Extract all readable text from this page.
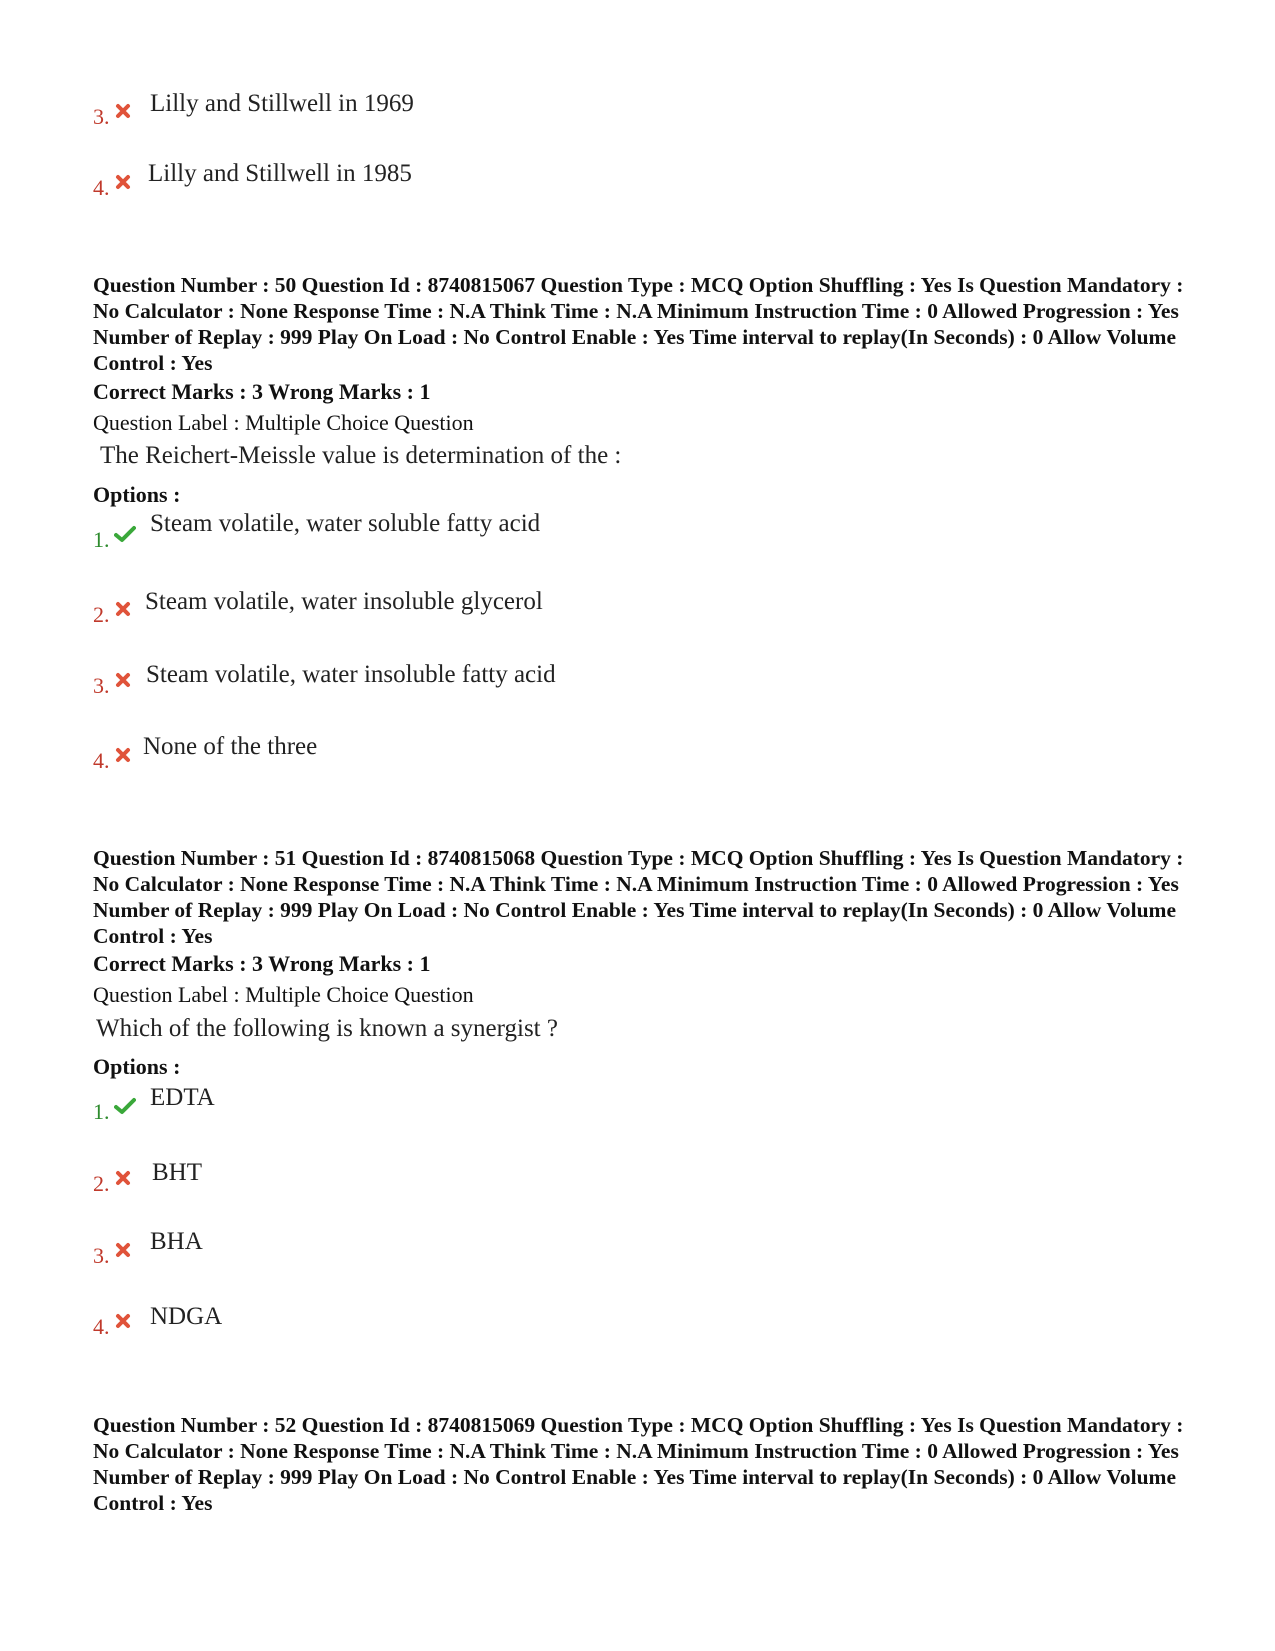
3. Lilly and Stillwell in 1969
4.
Lilly and Stillwell in 1985
Question Number : 50 Question Id : 8740815067 Question Type : MCQ Option Shuffling : Yes Is Question Mandatory : No Calculator : None Response Time : N.A Think Time : N.A Minimum Instruction Time : 0 Allowed Progression : Yes Number of Replay : 999 Play On Load : No Control Enable : Yes Time interval to replay(In Seconds) : 0 Allow Volume Control : Yes
Correct Marks : 3 Wrong Marks : 1
Question Label : Multiple Choice Question
The Reichert-Meissle value is determination of the :
Options :
1.
Steam volatile, water soluble fatty acid
2. Steam volatile, water insoluble glycerol
3. Steam volatile, water insoluble fatty acid
4.
None of the three
Question Number : 51 Question Id : 8740815068 Question Type : MCQ Option Shuffling : Yes Is Question Mandatory : No Calculator : None Response Time : N.A Think Time : N.A Minimum Instruction Time : 0 Allowed Progression : Yes Number of Replay : 999 Play On Load : No Control Enable : Yes Time interval to replay(In Seconds) : 0 Allow Volume Control : Yes
Correct Marks : 3 Wrong Marks : 1
Question Label : Multiple Choice Question
Which of the following is known a synergist ?
Options :
1.
EDTA
2. BHT
3.
BHA
4. NDGA
Question Number : 52 Question Id : 8740815069 Question Type : MCQ Option Shuffling : Yes Is Question Mandatory : No Calculator : None Response Time : N.A Think Time : N.A Minimum Instruction Time : 0 Allowed Progression : Yes Number of Replay : 999 Play On Load : No Control Enable : Yes Time interval to replay(In Seconds) : 0 Allow Volume Control : Yes
